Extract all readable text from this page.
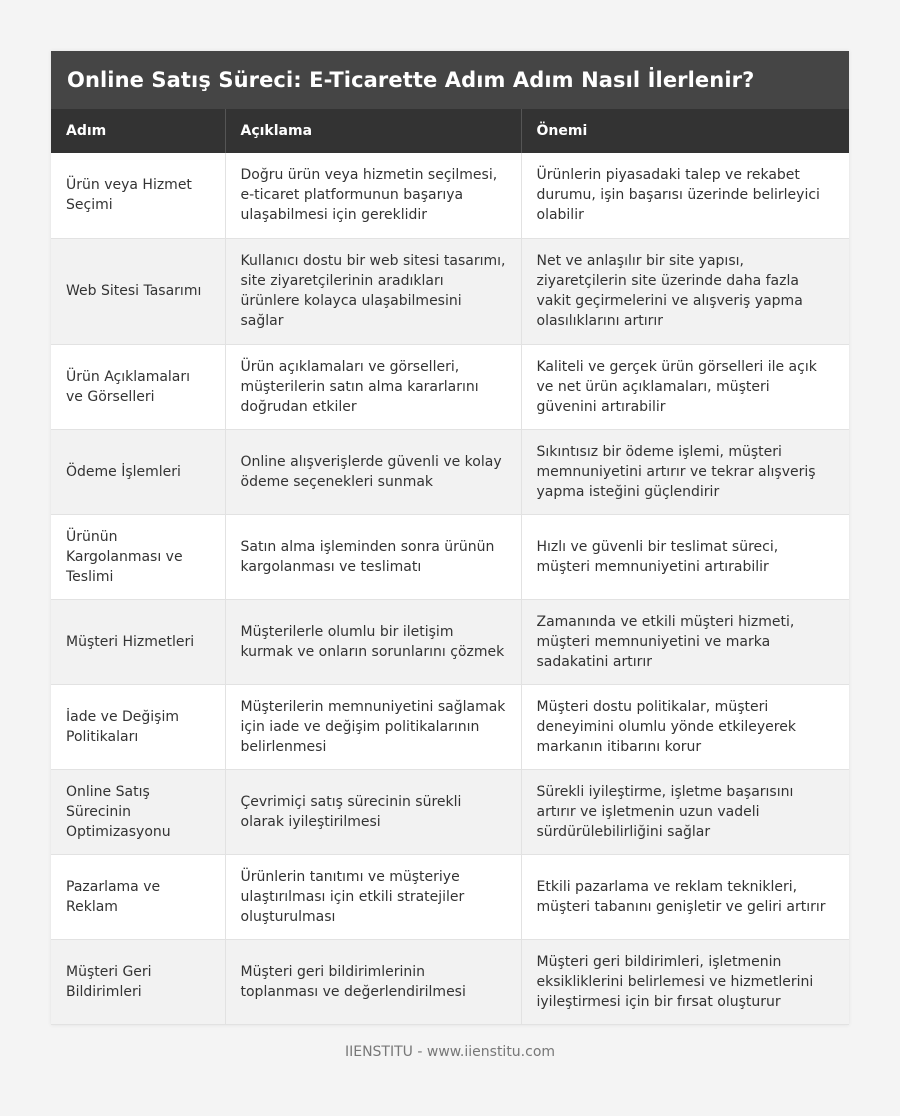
Online Satış Süreci: E-Ticarette Adım Adım Nasıl İlerlenir?
Adım	Açıklama	Önemi
Ürün veya Hizmet Seçimi	Doğru ürün veya hizmetin seçilmesi, e-ticaret platformunun başarıya ulaşabilmesi için gereklidir	Ürünlerin piyasadaki talep ve rekabet durumu, işin başarısı üzerinde belirleyici olabilir
Web Sitesi Tasarımı	Kullanıcı dostu bir web sitesi tasarımı, site ziyaretçilerinin aradıkları ürünlere kolayca ulaşabilmesini sağlar	Net ve anlaşılır bir site yapısı, ziyaretçilerin site üzerinde daha fazla vakit geçirmelerini ve alışveriş yapma olasılıklarını artırır
Ürün Açıklamaları ve Görselleri	Ürün açıklamaları ve görselleri, müşterilerin satın alma kararlarını doğrudan etkiler	Kaliteli ve gerçek ürün görselleri ile açık ve net ürün açıklamaları, müşteri güvenini artırabilir
Ödeme İşlemleri	Online alışverişlerde güvenli ve kolay ödeme seçenekleri sunmak	Sıkıntısız bir ödeme işlemi, müşteri memnuniyetini artırır ve tekrar alışveriş yapma isteğini güçlendirir
Ürünün Kargolanması ve Teslimi	Satın alma işleminden sonra ürünün kargolanması ve teslimatı	Hızlı ve güvenli bir teslimat süreci, müşteri memnuniyetini artırabilir
Müşteri Hizmetleri	Müşterilerle olumlu bir iletişim kurmak ve onların sorunlarını çözmek	Zamanında ve etkili müşteri hizmeti, müşteri memnuniyetini ve marka sadakatini artırır
İade ve Değişim Politikaları	Müşterilerin memnuniyetini sağlamak için iade ve değişim politikalarının belirlenmesi	Müşteri dostu politikalar, müşteri deneyimini olumlu yönde etkileyerek markanın itibarını korur
Online Satış Sürecinin Optimizasyonu	Çevrimiçi satış sürecinin sürekli olarak iyileştirilmesi	Sürekli iyileştirme, işletme başarısını artırır ve işletmenin uzun vadeli sürdürülebilirliğini sağlar
Pazarlama ve Reklam	Ürünlerin tanıtımı ve müşteriye ulaştırılması için etkili stratejiler oluşturulması	Etkili pazarlama ve reklam teknikleri, müşteri tabanını genişletir ve geliri artırır
Müşteri Geri Bildirimleri	Müşteri geri bildirimlerinin toplanması ve değerlendirilmesi	Müşteri geri bildirimleri, işletmenin eksikliklerini belirlemesi ve hizmetlerini iyileştirmesi için bir fırsat oluşturur
IIENSTITU - www.iienstitu.com
